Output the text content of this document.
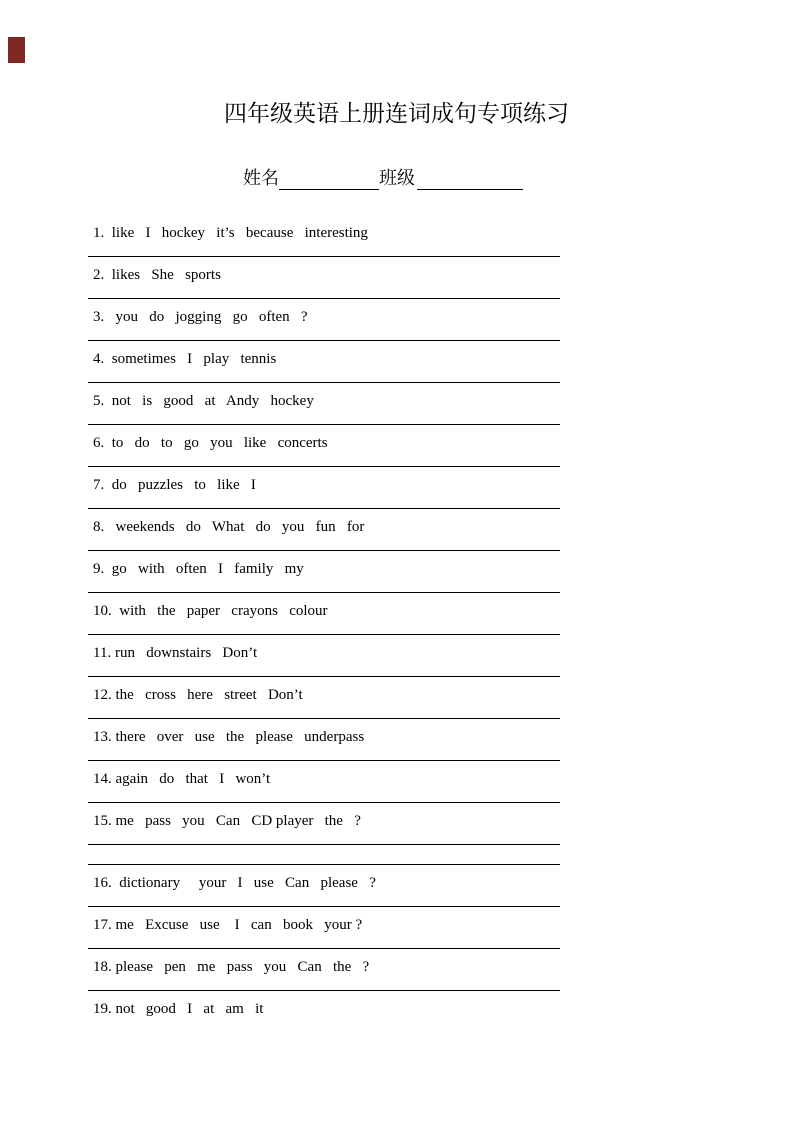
四年级英语上册连词成句专项练习
姓名	班级

1.  like   I   hockey   it’s   because   interesting

2.  likes   She   sports

3.   you   do   jogging   go   often   ?

4.  sometimes   I   play   tennis

5.  not   is   good   at   Andy   hockey

6.  to   do   to   go   you   like   concerts

7.  do   puzzles   to   like   I

8.   weekends   do   What   do   you   fun   for

9.  go   with   often   I   family   my

10.  with   the   paper   crayons   colour

11. run   downstairs   Don’t

12. the   cross   here   street   Don’t

13. there   over   use   the   please   underpass

14. again   do   that   I   won’t

15. me   pass   you   Can   CD player   the   ?

16.  dictionary     your   I   use   Can   please   ?

17. me   Excuse   use    I   can   book   your ?

18. please   pen   me   pass   you   Can   the   ?

19. not   good   I   at   am   it
